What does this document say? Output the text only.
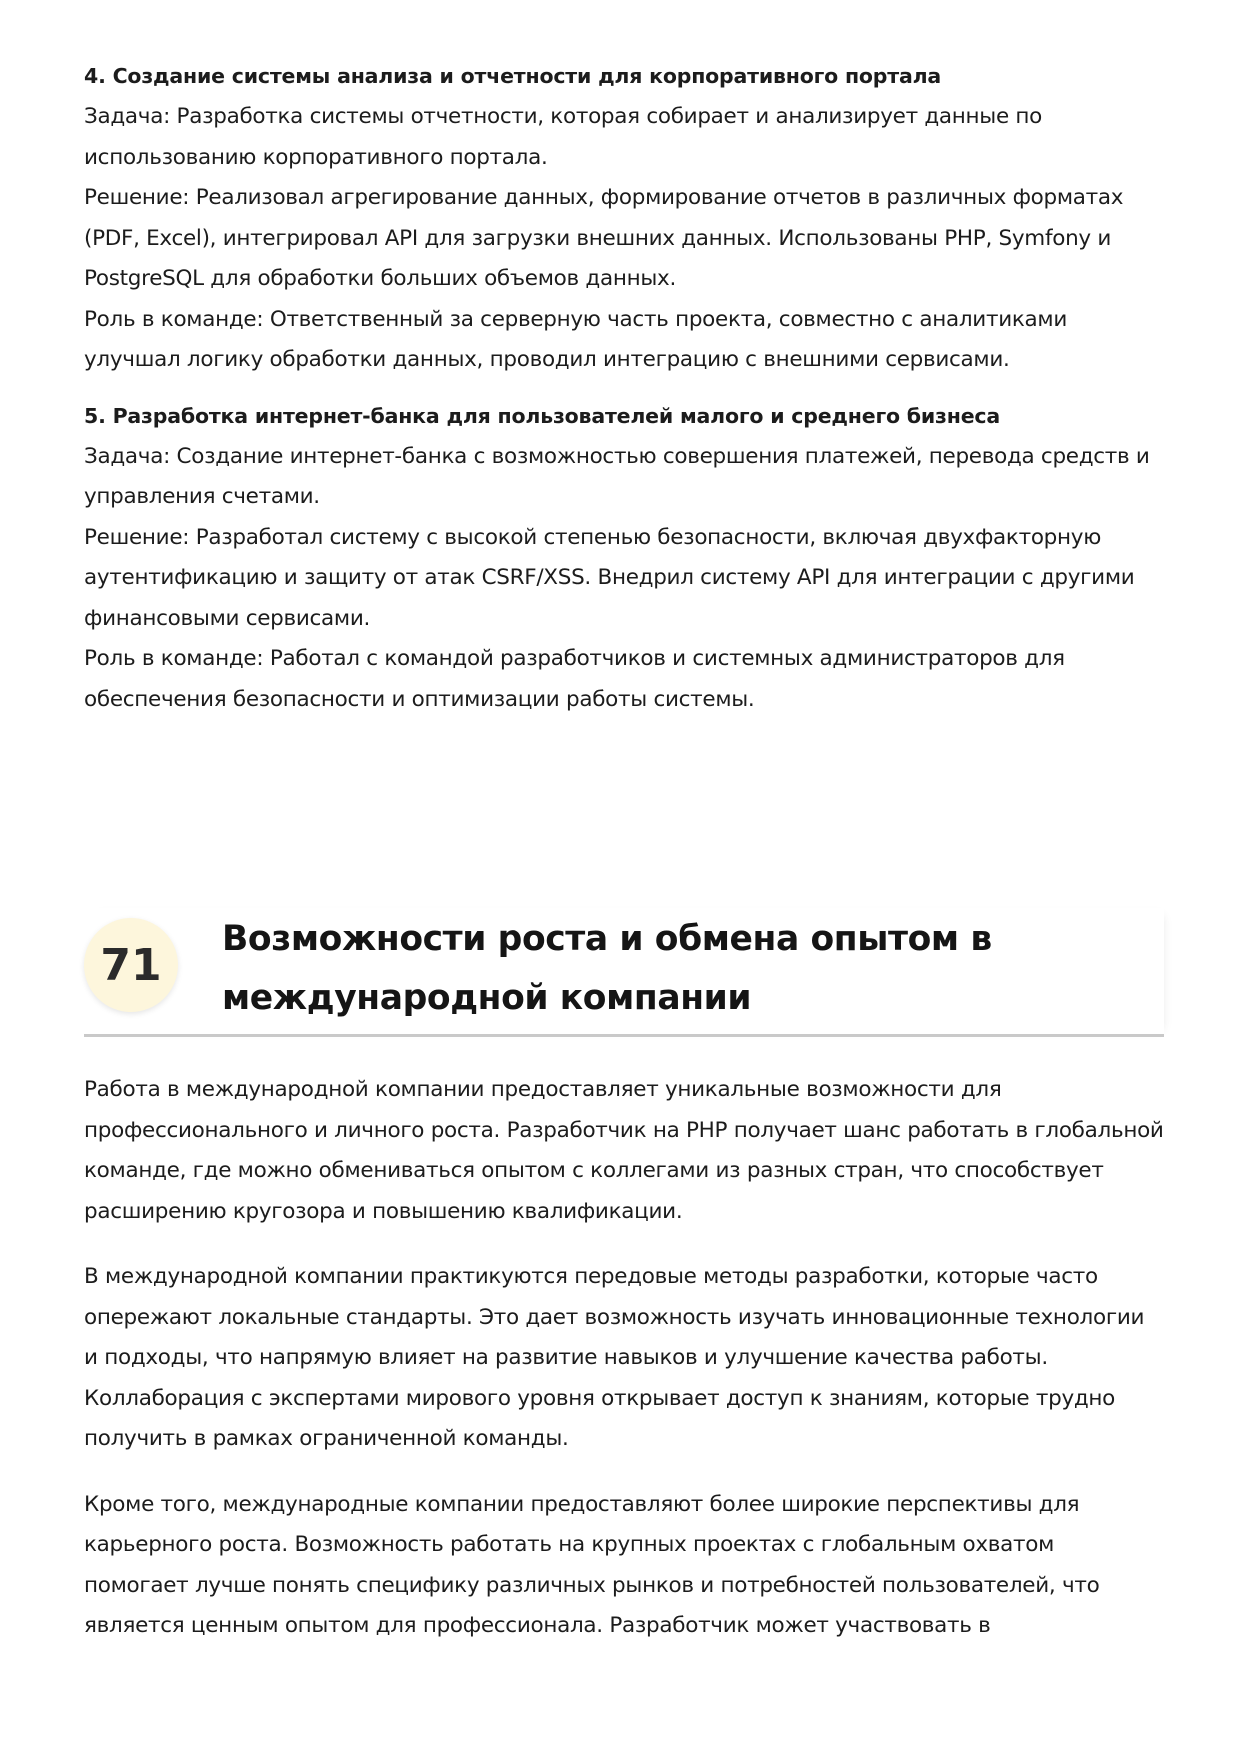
4. Создание системы анализа и отчетности для корпоративного портала

Задача: Разработка системы отчетности, которая собирает и анализирует данные по использованию корпоративного портала.

Решение: Реализовал агрегирование данных, формирование отчетов в различных форматах (PDF, Excel), интегрировал API для загрузки внешних данных. Использованы PHP, Symfony и PostgreSQL для обработки больших объемов данных.

Роль в команде: Ответственный за серверную часть проекта, совместно с аналитиками улучшал логику обработки данных, проводил интеграцию с внешними сервисами.

5. Разработка интернет-банка для пользователей малого и среднего бизнеса

Задача: Создание интернет-банка с возможностью совершения платежей, перевода средств и управления счетами.

Решение: Разработал систему с высокой степенью безопасности, включая двухфакторную аутентификацию и защиту от атак CSRF/XSS. Внедрил систему API для интеграции с другими финансовыми сервисами.

Роль в команде: Работал с командой разработчиков и системных администраторов для обеспечения безопасности и оптимизации работы системы.

71
Возможности роста и обмена опытом в международной компании

Работа в международной компании предоставляет уникальные возможности для профессионального и личного роста. Разработчик на PHP получает шанс работать в глобальной команде, где можно обмениваться опытом с коллегами из разных стран, что способствует расширению кругозора и повышению квалификации.

В международной компании практикуются передовые методы разработки, которые часто опережают локальные стандарты. Это дает возможность изучать инновационные технологии и подходы, что напрямую влияет на развитие навыков и улучшение качества работы. Коллаборация с экспертами мирового уровня открывает доступ к знаниям, которые трудно получить в рамках ограниченной команды.

Кроме того, международные компании предоставляют более широкие перспективы для карьерного роста. Возможность работать на крупных проектах с глобальным охватом помогает лучше понять специфику различных рынков и потребностей пользователей, что является ценным опытом для профессионала. Разработчик может участвовать в
